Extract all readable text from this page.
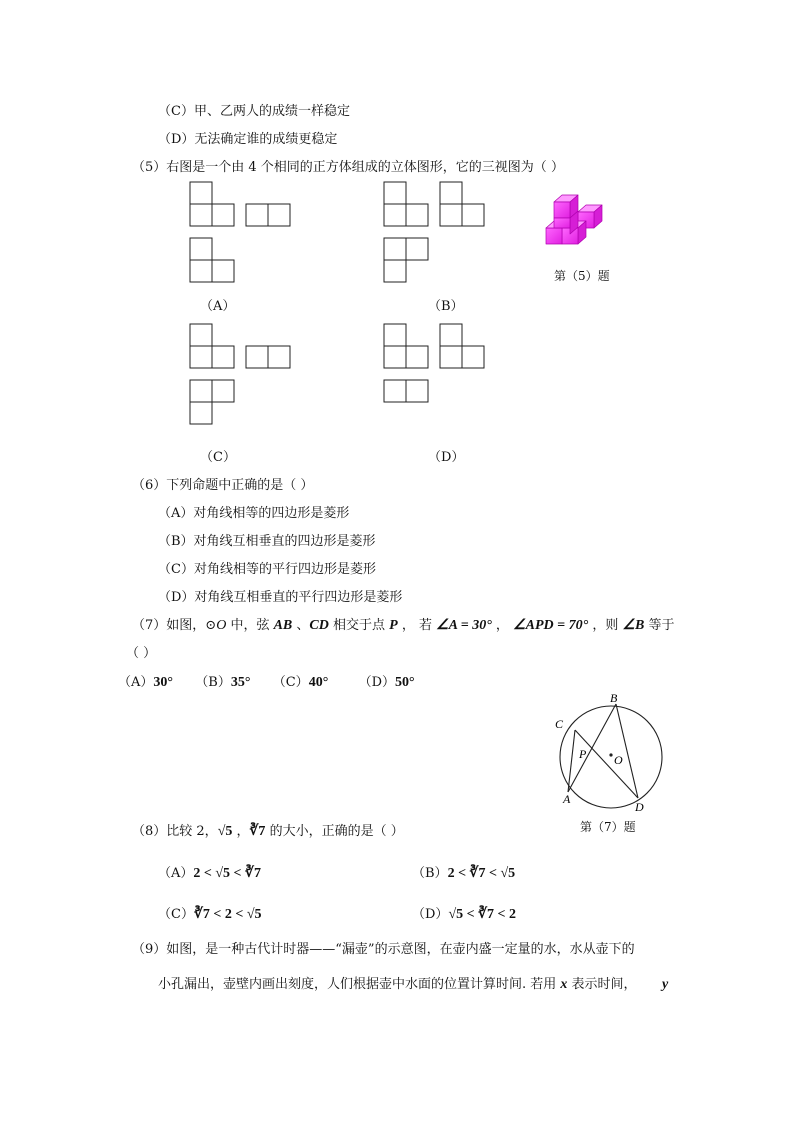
（C）甲、乙两人的成绩一样稳定
（D）无法确定谁的成绩更稳定
（5）右图是一个由 4 个相同的正方体组成的立体图形，它的三视图为（ ）
（A）	（B）
（C）	（D）
第（5）题
（6）下列命题中正确的是（ ）
（A）对角线相等的四边形是菱形
（B）对角线互相垂直的四边形是菱形
（C）对角线相等的平行四边形是菱形
（D）对角线互相垂直的平行四边形是菱形
（7）如图，⊙O 中，弦 AB 、CD 相交于点 P ， 若 ∠A = 30° ， ∠APD = 70° ，则 ∠B 等于
（ ）
（A）30° （B）35° （C）40° （D）50°
C
B
P O
A
D
第（7）题
（8）比较 2，√5 ，∛7 的大小，正确的是（ ）
（A）2 < √5 < ∛7	（B）2 < ∛7 < √5
（C）∛7 < 2 < √5	（D）√5 < ∛7 < 2
（9）如图，是一种古代计时器——“漏壶”的示意图，在壶内盛一定量的水，水从壶下的
小孔漏出，壶壁内画出刻度，人们根据壶中水面的位置计算时间. 若用 x 表示时间， y
